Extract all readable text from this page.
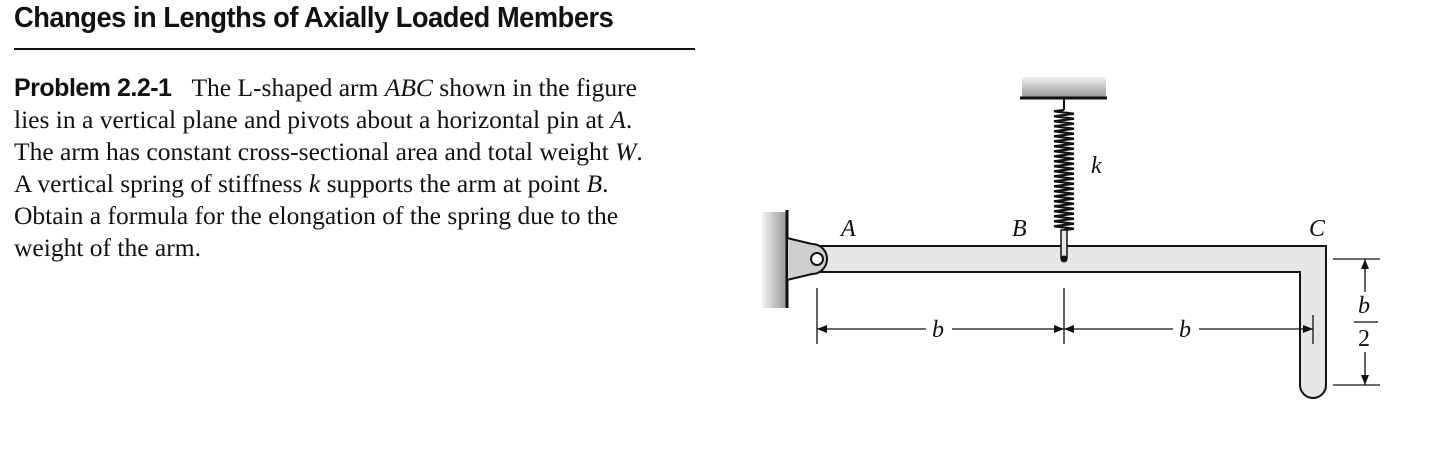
Changes in Lengths of Axially Loaded Members
Problem 2.2-1 The L-shaped arm ABC shown in the figure
lies in a vertical plane and pivots about a horizontal pin at A.
The arm has constant cross-sectional area and total weight W.
A vertical spring of stiffness k supports the arm at point B.
Obtain a formula for the elongation of the spring due to the
weight of the arm.
A	B	C
k
b	b
b
2
